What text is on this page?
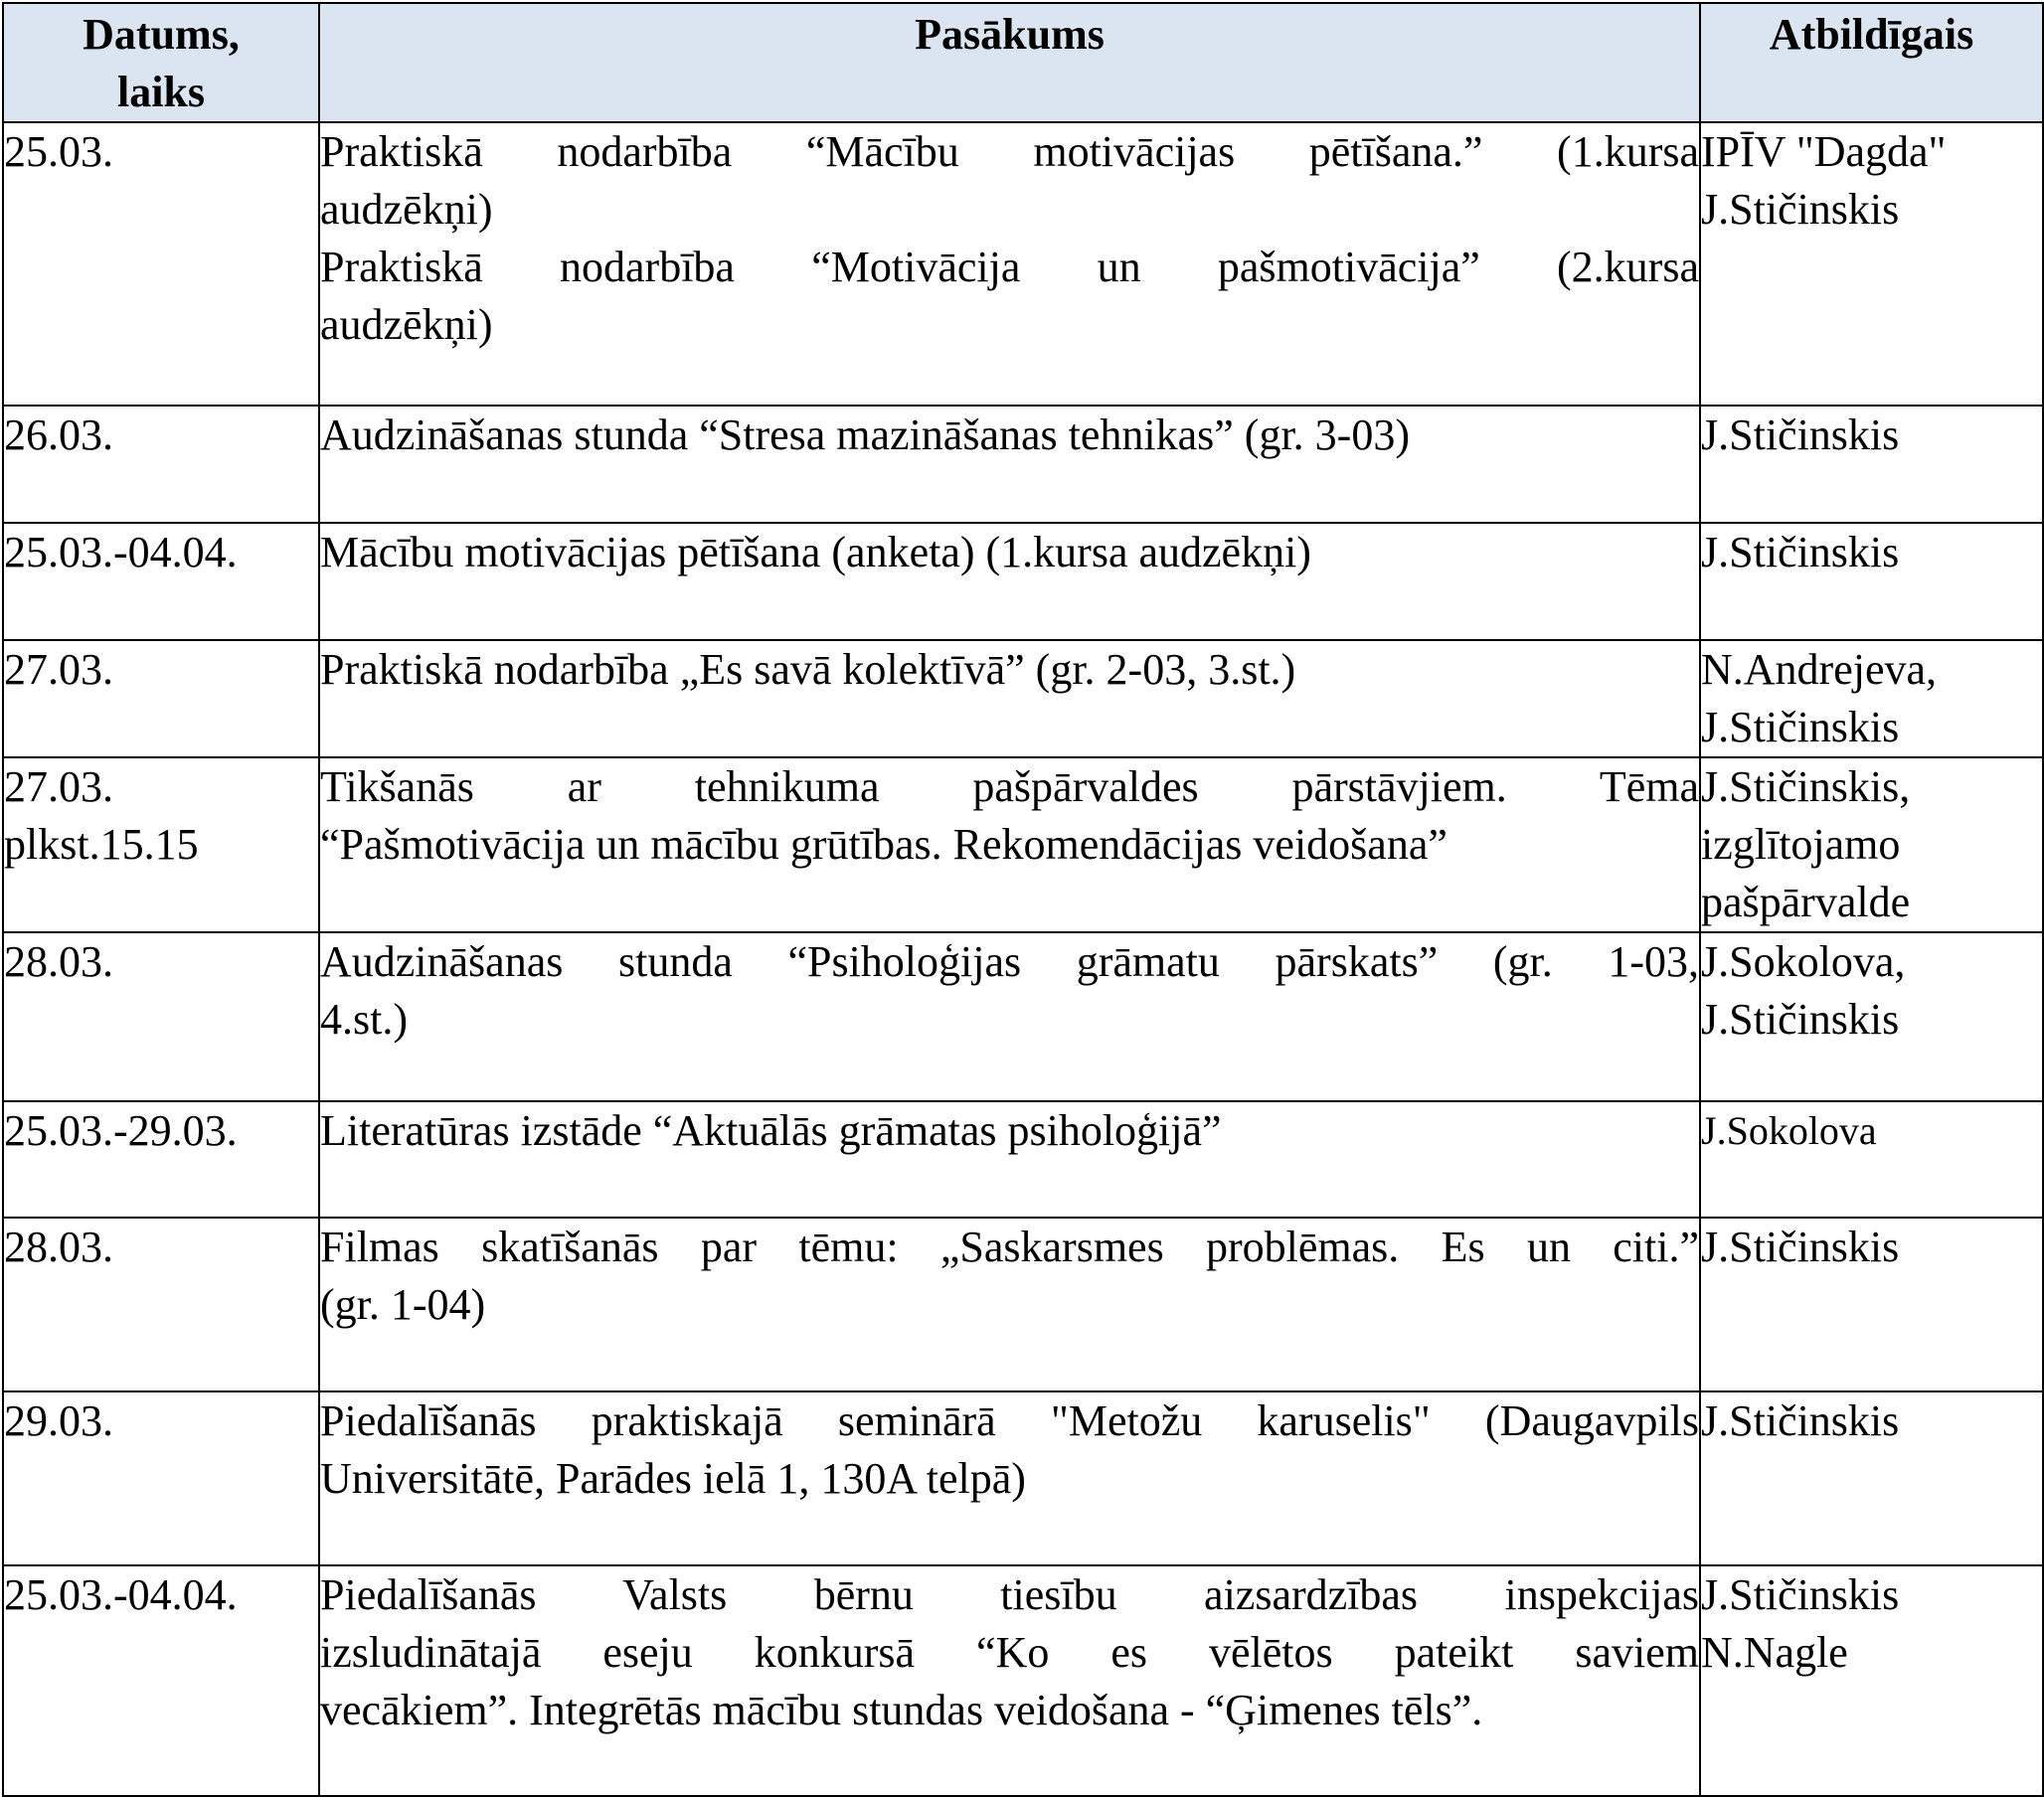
Datums,
laiks	Pasākums	Atbildīgais

25.03.	Praktiskā nodarbība “Mācību motivācijas pētīšana.” (1.kursa
audzēkņi)
Praktiskā nodarbība “Motivācija un pašmotivācija” (2.kursa
audzēkņi)	IPĪV "Dagda"
J.Stičinskis

26.03.	Audzināšanas stunda “Stresa mazināšanas tehnikas” (gr. 3-03)	J.Stičinskis

25.03.-04.04.	Mācību motivācijas pētīšana (anketa) (1.kursa audzēkņi)	J.Stičinskis

27.03.	Praktiskā nodarbība „Es savā kolektīvā” (gr. 2-03, 3.st.)	N.Andrejeva,
J.Stičinskis

27.03.
plkst.15.15	Tikšanās ar tehnikuma pašpārvaldes pārstāvjiem. Tēma
“Pašmotivācija un mācību grūtības. Rekomendācijas veidošana”	J.Stičinskis,
izglītojamo
pašpārvalde

28.03.	Audzināšanas stunda “Psiholoģijas grāmatu pārskats” (gr. 1-03,
4.st.)	J.Sokolova,
J.Stičinskis

25.03.-29.03.	Literatūras izstāde “Aktuālās grāmatas psiholoģijā”	J.Sokolova

28.03.	Filmas skatīšanās par tēmu: „Saskarsmes problēmas. Es un citi.”
(gr. 1-04)	J.Stičinskis

29.03.	Piedalīšanās praktiskajā seminārā "Metožu karuselis" (Daugavpils
Universitātē, Parādes ielā 1, 130A telpā)	J.Stičinskis

25.03.-04.04.	Piedalīšanās Valsts bērnu tiesību aizsardzības inspekcijas
izsludinātajā eseju konkursā “Ko es vēlētos pateikt saviem
vecākiem”. Integrētās mācību stundas veidošana - “Ģimenes tēls”.	J.Stičinskis
N.Nagle
